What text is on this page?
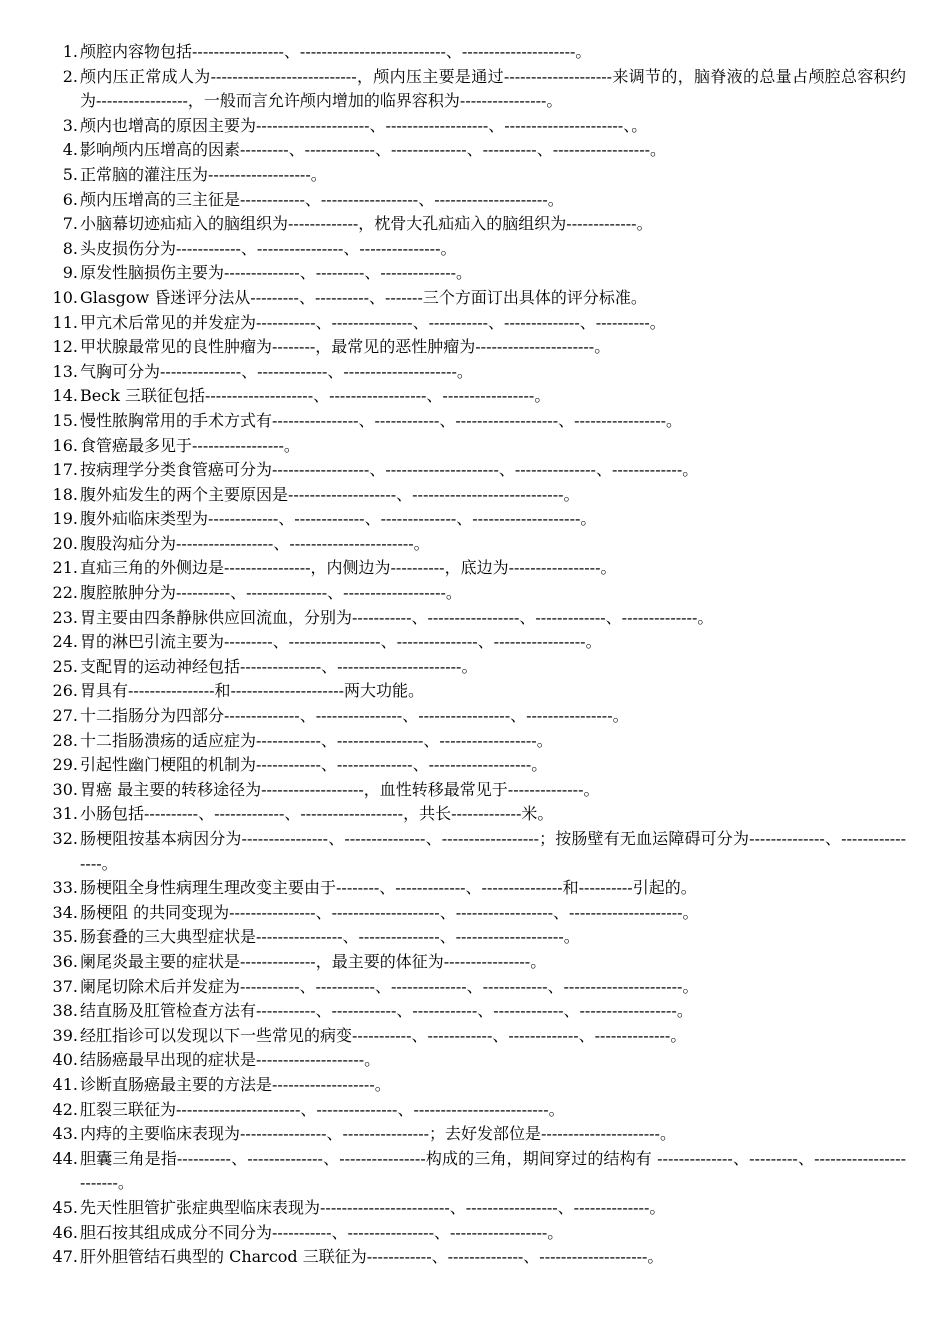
1. 颅腔内容物包括-----------------、---------------------------、---------------------。
2. 颅内压正常成人为---------------------------，颅内压主要是通过--------------------来调节的，脑脊液的总量占颅腔总容积约为-----------------，一般而言允许颅内增加的临界容积为----------------。
3. 颅内也增高的原因主要为---------------------、-------------------、----------------------、。
4. 影响颅内压增高的因素---------、-------------、--------------、----------、------------------。
5. 正常脑的灌注压为-------------------。
6. 颅内压增高的三主征是------------、------------------、---------------------。
7. 小脑幕切迹疝疝入的脑组织为-------------，枕骨大孔疝疝入的脑组织为-------------。
8. 头皮损伤分为------------、----------------、---------------。
9. 原发性脑损伤主要为--------------、---------、--------------。
10. Glasgow 昏迷评分法从---------、----------、-------三个方面订出具体的评分标准。
11. 甲亢术后常见的并发症为-----------、---------------、-----------、--------------、----------。
12. 甲状腺最常见的良性肿瘤为--------，最常见的恶性肿瘤为----------------------。
13. 气胸可分为---------------、-------------、---------------------。
14. Beck 三联征包括--------------------、------------------、-----------------。
15. 慢性脓胸常用的手术方式有----------------、------------、-------------------、-----------------。
16. 食管癌最多见于-----------------。
17. 按病理学分类食管癌可分为------------------、---------------------、---------------、-------------。
18. 腹外疝发生的两个主要原因是--------------------、----------------------------。
19. 腹外疝临床类型为-------------、-------------、--------------、--------------------。
20. 腹股沟疝分为------------------、-----------------------。
21. 直疝三角的外侧边是----------------，内侧边为----------，底边为-----------------。
22. 腹腔脓肿分为----------、---------------、-------------------。
23. 胃主要由四条静脉供应回流血，分别为-----------、-----------------、-------------、--------------。
24. 胃的淋巴引流主要为---------、-----------------、---------------、-----------------。
25. 支配胃的运动神经包括---------------、-----------------------。
26. 胃具有----------------和---------------------两大功能。
27. 十二指肠分为四部分--------------、----------------、-----------------、----------------。
28. 十二指肠溃疡的适应症为------------、----------------、------------------。
29. 引起性幽门梗阻的机制为------------、--------------、-------------------。
30. 胃癌 最主要的转移途径为-------------------，血性转移最常见于--------------。
31. 小肠包括----------、-------------、-------------------，共长-------------米。
32. 肠梗阻按基本病因分为----------------、---------------、------------------；按肠壁有无血运障碍可分为--------------、----------------。
33. 肠梗阻全身性病理生理改变主要由于--------、-------------、---------------和----------引起的。
34. 肠梗阻 的共同变现为----------------、--------------------、------------------、---------------------。
35. 肠套叠的三大典型症状是----------------、---------------、--------------------。
36. 阑尾炎最主要的症状是--------------，最主要的体征为----------------。
37. 阑尾切除术后并发症为-----------、-----------、--------------、------------、----------------------。
38. 结直肠及肛管检查方法有-----------、------------、------------、-------------、------------------。
39. 经肛指诊可以发现以下一些常见的病变-----------、------------、-------------、--------------。
40. 结肠癌最早出现的症状是--------------------。
41. 诊断直肠癌最主要的方法是-------------------。
42. 肛裂三联征为-----------------------、---------------、-------------------------。
43. 内痔的主要临床表现为----------------、----------------；去好发部位是----------------------。
44. 胆囊三角是指----------、--------------、----------------构成的三角，期间穿过的结构有 --------------、---------、------------------------。
45. 先天性胆管扩张症典型临床表现为------------------------、-----------------、--------------。
46. 胆石按其组成成分不同分为-----------、----------------、------------------。
47. 肝外胆管结石典型的 Charcod 三联征为------------、--------------、--------------------。
